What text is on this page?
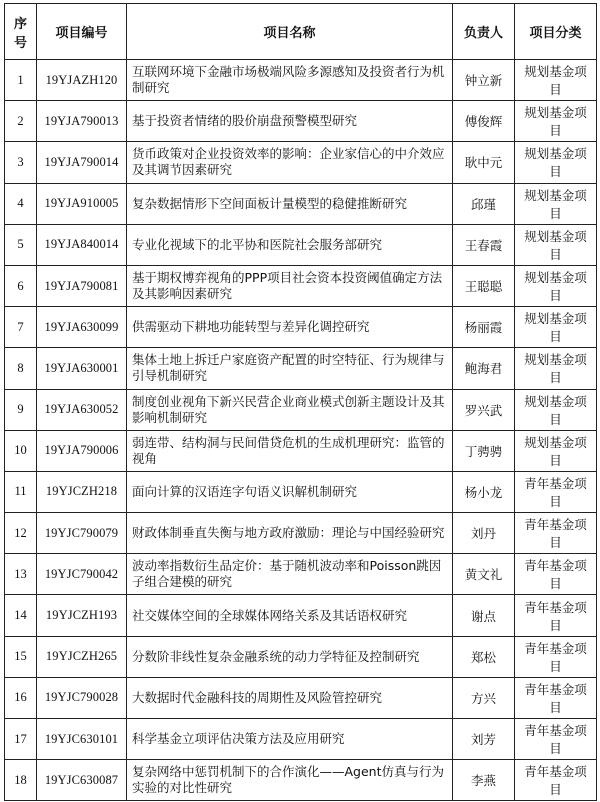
序号	项目编号	项目名称	负责人	项目分类
1	19YJAZH120	互联网环境下金融市场极端风险多源感知及投资者行为机制研究	钟立新	规划基金项目
2	19YJA790013	基于投资者情绪的股价崩盘预警模型研究	傅俊辉	规划基金项目
3	19YJA790014	货币政策对企业投资效率的影响：企业家信心的中介效应及其调节因素研究	耿中元	规划基金项目
4	19YJA910005	复杂数据情形下空间面板计量模型的稳健推断研究	邱瑾	规划基金项目
5	19YJA840014	专业化视域下的北平协和医院社会服务部研究	王春霞	规划基金项目
6	19YJA790081	基于期权博弈视角的PPP项目社会资本投资阈值确定方法及其影响因素研究	王聪聪	规划基金项目
7	19YJA630099	供需驱动下耕地功能转型与差异化调控研究	杨丽霞	规划基金项目
8	19YJA630001	集体土地上拆迁户家庭资产配置的时空特征、行为规律与引导机制研究	鲍海君	规划基金项目
9	19YJA630052	制度创业视角下新兴民营企业商业模式创新主题设计及其影响机制研究	罗兴武	规划基金项目
10	19YJA790006	弱连带、结构洞与民间借贷危机的生成机理研究：监管的视角	丁骋骋	规划基金项目
11	19YJCZH218	面向计算的汉语连字句语义识解机制研究	杨小龙	青年基金项目
12	19YJC790079	财政体制垂直失衡与地方政府激励：理论与中国经验研究	刘丹	青年基金项目
13	19YJC790042	波动率指数衍生品定价：基于随机波动率和Poisson跳因子组合建模的研究	黄文礼	青年基金项目
14	19YJCZH193	社交媒体空间的全球媒体网络关系及其话语权研究	谢点	青年基金项目
15	19YJCZH265	分数阶非线性复杂金融系统的动力学特征及控制研究	郑松	青年基金项目
16	19YJC790028	大数据时代金融科技的周期性及风险管控研究	方兴	青年基金项目
17	19YJC630101	科学基金立项评估决策方法及应用研究	刘芳	青年基金项目
18	19YJC630087	复杂网络中惩罚机制下的合作演化——Agent仿真与行为实验的对比性研究	李燕	青年基金项目
